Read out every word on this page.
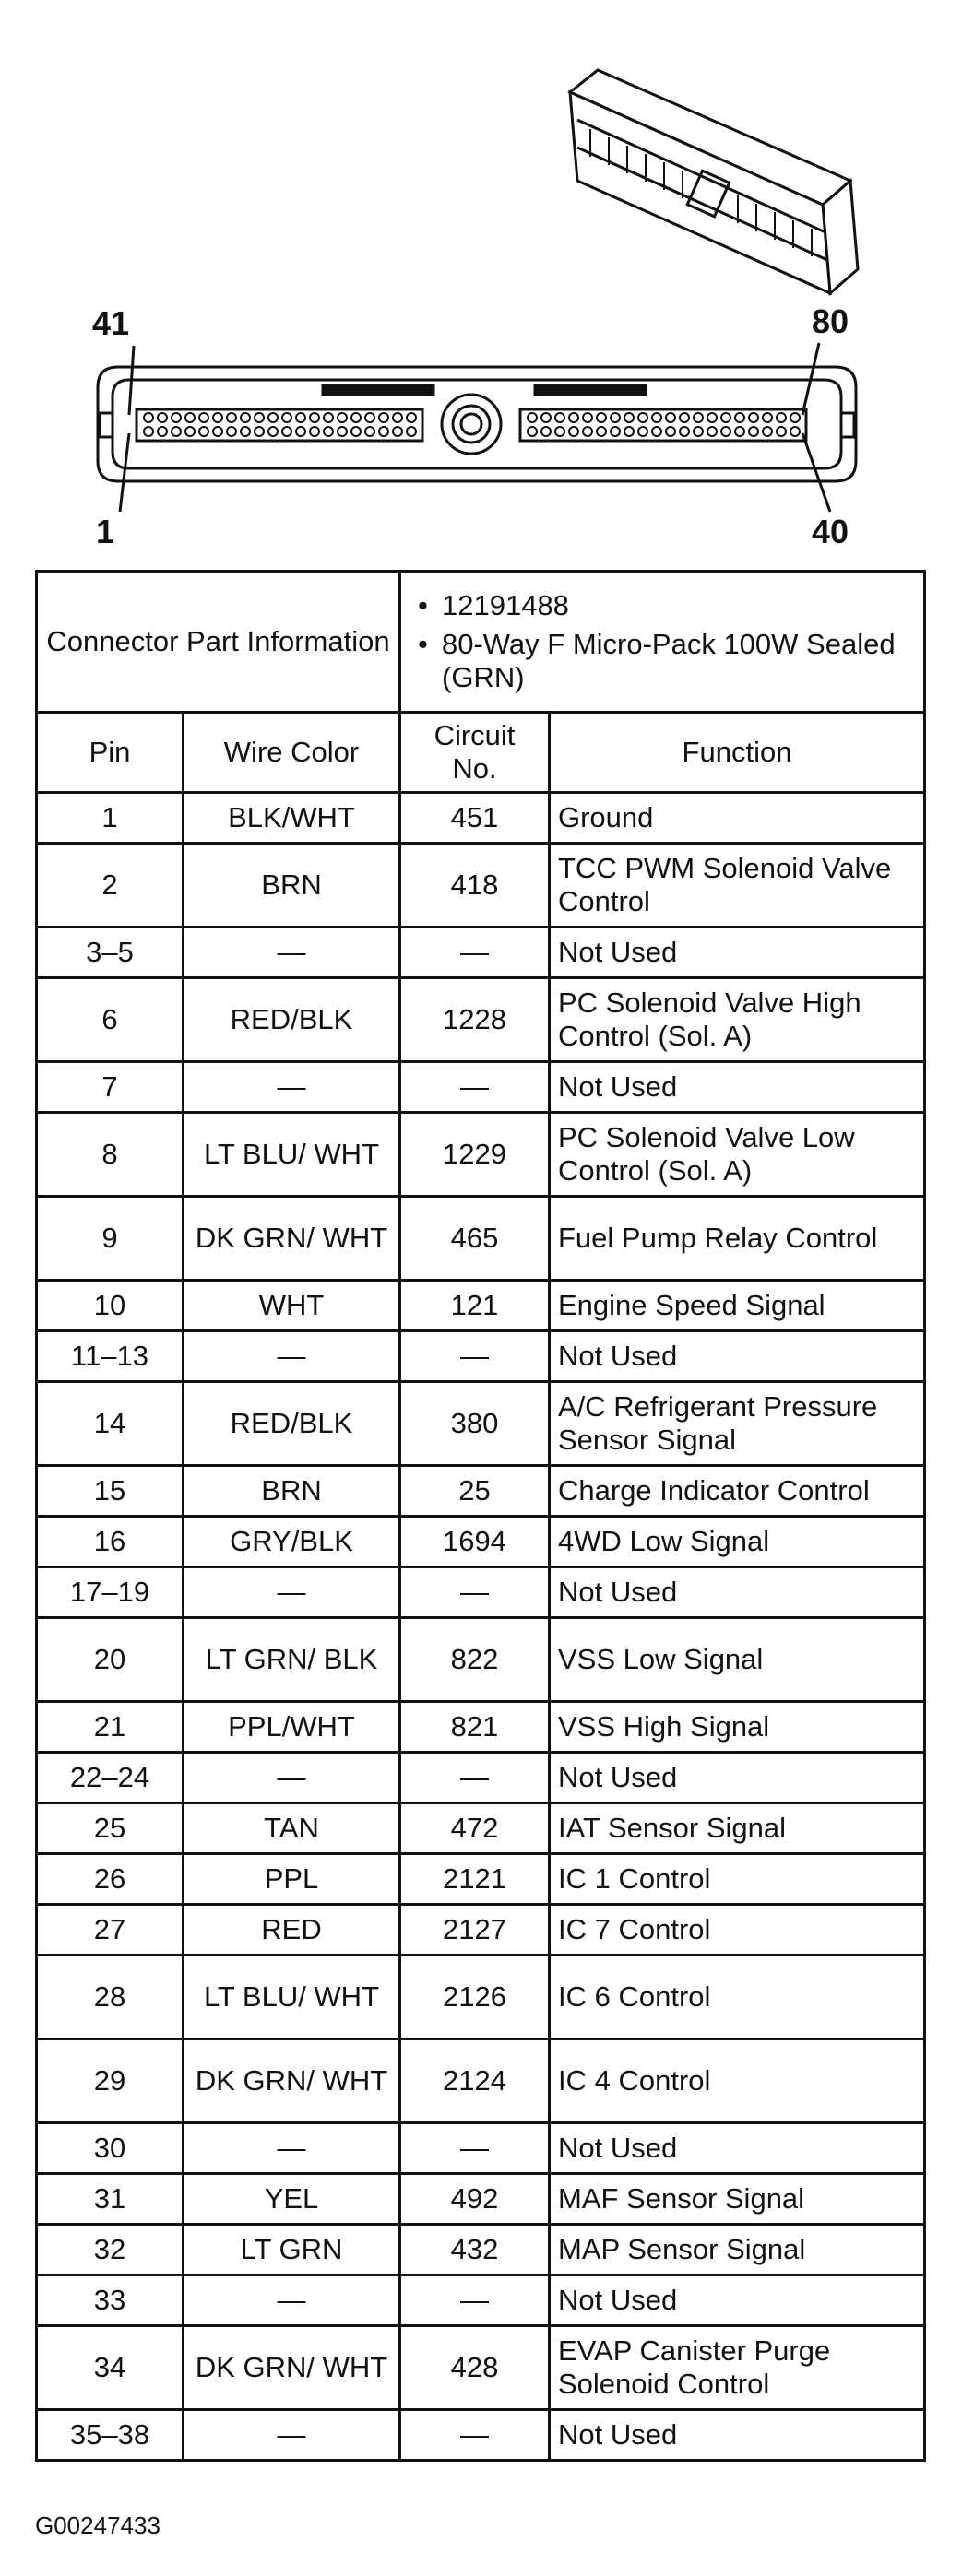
41	80
1	40
Connector Part Information		• 12191488
• 80-Way F Micro-Pack 100W Sealed (GRN)

Pin	Wire Color	Circuit No.	Function
1	BLK/WHT	451	Ground
2	BRN	418	TCC PWM Solenoid Valve Control
3–5	—	—	Not Used
6	RED/BLK	1228	PC Solenoid Valve High Control (Sol. A)
7	—	—	Not Used
8	LT BLU/ WHT	1229	PC Solenoid Valve Low Control (Sol. A)
9	DK GRN/ WHT	465	Fuel Pump Relay Control
10	WHT	121	Engine Speed Signal
11–13	—	—	Not Used
14	RED/BLK	380	A/C Refrigerant Pressure Sensor Signal
15	BRN	25	Charge Indicator Control
16	GRY/BLK	1694	4WD Low Signal
17–19	—	—	Not Used
20	LT GRN/ BLK	822	VSS Low Signal
21	PPL/WHT	821	VSS High Signal
22–24	—	—	Not Used
25	TAN	472	IAT Sensor Signal
26	PPL	2121	IC 1 Control
27	RED	2127	IC 7 Control
28	LT BLU/ WHT	2126	IC 6 Control
29	DK GRN/ WHT	2124	IC 4 Control
30	—	—	Not Used
31	YEL	492	MAF Sensor Signal
32	LT GRN	432	MAP Sensor Signal
33	—	—	Not Used
34	DK GRN/ WHT	428	EVAP Canister Purge Solenoid Control
35–38	—	—	Not Used
G00247433
